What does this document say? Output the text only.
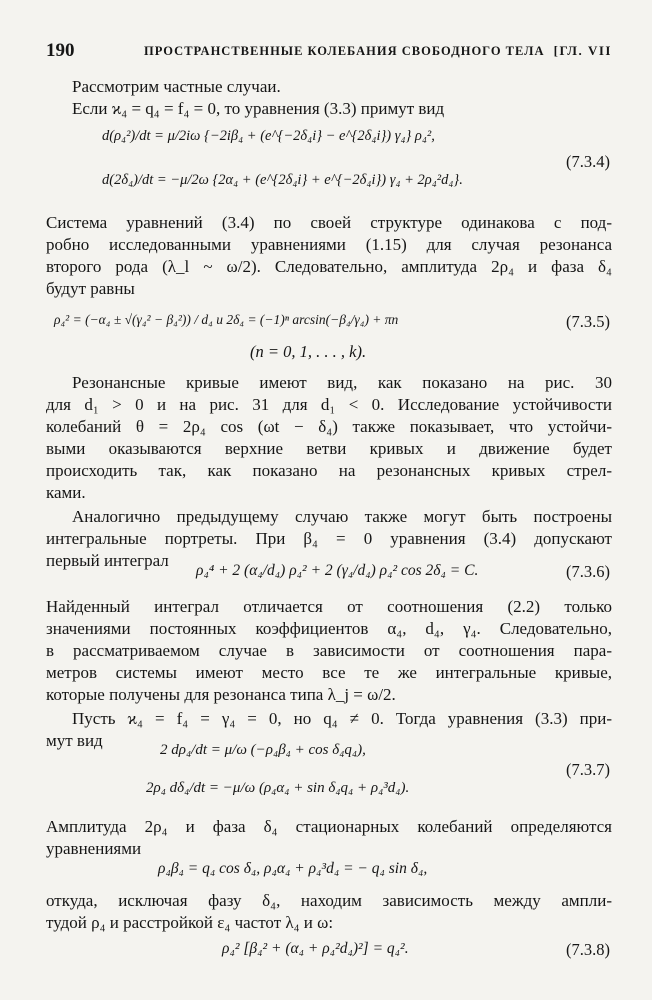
190	ПРОСТРАНСТВЕННЫЕ КОЛЕБАНИЯ СВОБОДНОГО ТЕЛА [ГЛ. VII
Рассмотрим частные случаи.
Если ϰ₄ = q₄ = f₄ = 0, то уравнения (3.3) примут вид
d(ρ₄²)/dt = μ/2iω {−2iβ₄ + (e^{−2δ₄i} − e^{2δ₄i}) γ₄} ρ₄²,
d(2δ₄)/dt = −μ/2ω {2α₄ + (e^{2δ₄i} + e^{−2δ₄i}) γ₄ + 2ρ₄²d₄}.
(7.3.4)
Система уравнений (3.4) по своей структуре одинакова с под-
робно исследованными уравнениями (1.15) для случая резонанса
второго рода (λ_l ~ ω/2). Следовательно, амплитуда 2ρ₄ и фаза δ₄
будут равны
ρ₄² = (−α₄ ± √(γ₄² − β₄²)) / d₄ и 2δ₄ = (−1)ⁿ arcsin(−β₄/γ₄) + πn	(7.3.5)
(n = 0, 1, . . . , k).
Резонансные кривые имеют вид, как показано на рис. 30
для d₁ > 0 и на рис. 31 для d₁ < 0. Исследование устойчивости
колебаний θ = 2ρ₄ cos (ωt − δ₄) также показывает, что устойчи-
выми оказываются верхние ветви кривых и движение будет
происходить так, как показано на резонансных кривых стрел-
ками.
Аналогично предыдущему случаю также могут быть построены
интегральные портреты. При β₄ = 0 уравнения (3.4) допускают
первый интеграл
ρ₄⁴ + 2 (α₄/d₄) ρ₄² + 2 (γ₄/d₄) ρ₄² cos 2δ₄ = C.	(7.3.6)
Найденный интеграл отличается от соотношения (2.2) только
значениями постоянных коэффициентов α₄, d₄, γ₄. Следовательно,
в рассматриваемом случае в зависимости от соотношения пара-
метров системы имеют место все те же интегральные кривые,
которые получены для резонанса типа λ_j = ω/2.
Пусть ϰ₄ = f₄ = γ₄ = 0, но q₄ ≠ 0. Тогда уравнения (3.3) при-
мут вид	2 dρ₄/dt = μ/ω (−ρ₄β₄ + cos δ₄q₄),
2ρ₄ dδ₄/dt = −μ/ω (ρ₄α₄ + sin δ₄q₄ + ρ₄³d₄).
(7.3.7)
Амплитуда 2ρ₄ и фаза δ₄ стационарных колебаний определяются
уравнениями
ρ₄β₄ = q₄ cos δ₄, ρ₄α₄ + ρ₄³d₄ = − q₄ sin δ₄,
откуда, исключая фазу δ₄, находим зависимость между ампли-
тудой ρ₄ и расстройкой ε₄ частот λ₄ и ω:
ρ₄² [β₄² + (α₄ + ρ₄²d₄)²] = q₄².	(7.3.8)
